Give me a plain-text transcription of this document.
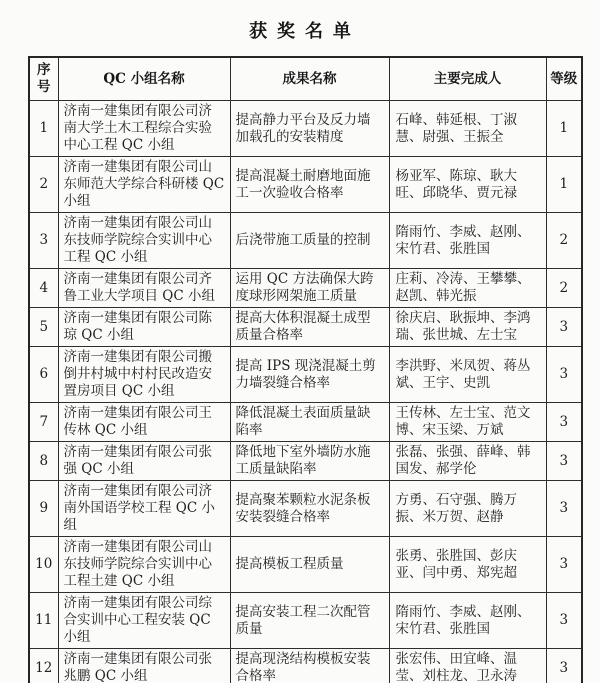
获奖名单
序号	QC 小组名称	成果名称	主要完成人	等级
1	济南一建集团有限公司济南大学土木工程综合实验中心工程 QC 小组	提高静力平台及反力墙加载孔的安装精度	石峰、韩延根、丁淑慧、尉强、王振全	1
2	济南一建集团有限公司山东师范大学综合科研楼 QC 小组	提高混凝土耐磨地面施工一次验收合格率	杨亚军、陈琼、耿大旺、邱晓华、贾元禄	1
3	济南一建集团有限公司山东技师学院综合实训中心工程 QC 小组	后浇带施工质量的控制	隋雨竹、李威、赵刚、宋竹君、张胜国	2
4	济南一建集团有限公司齐鲁工业大学项目 QC 小组	运用 QC 方法确保大跨度球形网架施工质量	庄莉、冷涛、王攀攀、赵凯、韩光振	2
5	济南一建集团有限公司陈琼 QC 小组	提高大体积混凝土成型质量合格率	徐庆启、耿振坤、李鸿瑞、张世城、左士宝	3
6	济南一建集团有限公司搬倒井村城中村村民改造安置房项目 QC 小组	提高 IPS 现浇混凝土剪力墙裂缝合格率	李洪野、米凤贺、蒋丛斌、王宇、史凯	3
7	济南一建集团有限公司王传林 QC 小组	降低混凝土表面质量缺陷率	王传林、左士宝、范文博、宋玉梁、万斌	3
8	济南一建集团有限公司张强 QC 小组	降低地下室外墙防水施工质量缺陷率	张磊、张强、薛峰、韩国发、郝学伦	3
9	济南一建集团有限公司济南外国语学校工程 QC 小组	提高聚苯颗粒水泥条板安装裂缝合格率	方勇、石守强、腾万振、米万贺、赵静	3
10	济南一建集团有限公司山东技师学院综合实训中心工程土建 QC 小组	提高模板工程质量	张勇、张胜国、彭庆亚、闫中勇、郑宪超	3
11	济南一建集团有限公司综合实训中心工程安装 QC 小组	提高安装工程二次配管质量	隋雨竹、李威、赵刚、宋竹君、张胜国	3
12	济南一建集团有限公司张兆鹏 QC 小组	提高现浇结构模板安装合格率	张宏伟、田宜峰、温莹、刘柱龙、卫永涛	3
